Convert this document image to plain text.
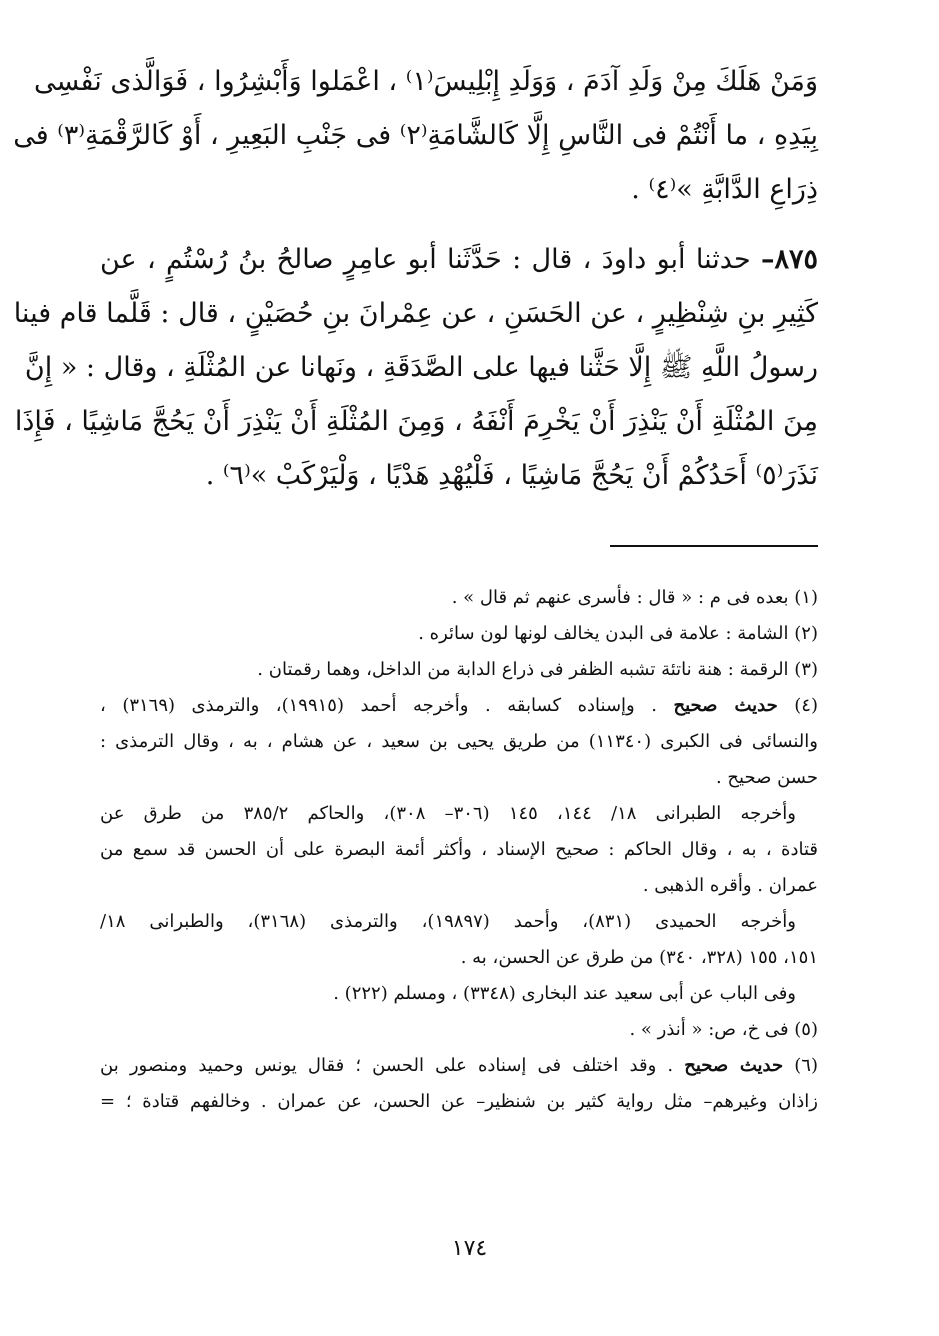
وَمَنْ هَلَكَ مِنْ وَلَدِ آدَمَ ، وَوَلَدِ إِبْلِيسَ⁽١⁾ ، اعْمَلوا وَأَبْشِرُوا ، فَوَالَّذى نَفْسِى
بِيَدِهِ ، ما أَنْتُمْ فى النَّاسِ إِلَّا كَالشَّامَةِ⁽٢⁾ فى جَنْبِ البَعِيرِ ، أَوْ كَالرَّقْمَةِ⁽٣⁾ فى
ذِرَاعِ الدَّابَّةِ »⁽٤⁾ .
٨٧٥– حدثنا أبو داودَ ، قال : حَدَّثَنا أبو عامِرٍ صالحُ بنُ رُسْتُمٍ ، عن
كَثِيرِ بنِ شِنْظِيرٍ ، عن الحَسَنِ ، عن عِمْرانَ بنِ حُصَيْنٍ ، قال : قَلَّما قام فينا
رسولُ اللَّهِ ﷺ إِلَّا حَثَّنا فيها على الصَّدَقَةِ ، ونَهانا عن المُثْلَةِ ، وقال : « إِنَّ
مِنَ المُثْلَةِ أَنْ يَنْذِرَ أَنْ يَخْرِمَ أَنْفَهُ ، وَمِنَ المُثْلَةِ أَنْ يَنْذِرَ أَنْ يَحُجَّ مَاشِيًا ، فَإِذَا
نَذَرَ⁽٥⁾ أَحَدُكُمْ أَنْ يَحُجَّ مَاشِيًا ، فَلْيُهْدِ هَدْيًا ، وَلْيَرْكَبْ »⁽٦⁾ .
(١) بعده فى م : « قال : فأسرى عنهم ثم قال » .
(٢) الشامة : علامة فى البدن يخالف لونها لون سائره .
(٣) الرقمة : هنة ناتئة تشبه الظفر فى ذراع الدابة من الداخل، وهما رقمتان .
(٤) حديث صحيح . وإسناده كسابقه . وأخرجه أحمد (١٩٩١٥)، والترمذى (٣١٦٩) ،
والنسائى فى الكبرى (١١٣٤٠) من طريق يحيى بن سعيد ، عن هشام ، به ، وقال الترمذى :
حسن صحيح .
وأخرجه الطبرانى ١٨/ ١٤٤، ١٤٥ (٣٠٦– ٣٠٨)، والحاكم ٣٨٥/٢ من طرق عن
قتادة ، به ، وقال الحاكم : صحيح الإسناد ، وأكثر أئمة البصرة على أن الحسن قد سمع من
عمران . وأقره الذهبى .
وأخرجه الحميدى (٨٣١)، وأحمد (١٩٨٩٧)، والترمذى (٣١٦٨)، والطبرانى ١٨/
١٥١، ١٥٥ (٣٢٨، ٣٤٠) من طرق عن الحسن، به .
وفى الباب عن أبى سعيد عند البخارى (٣٣٤٨) ، ومسلم (٢٢٢) .
(٥) فى خ، ص: « أنذر » .
(٦) حديث صحيح . وقد اختلف فى إسناده على الحسن ؛ فقال يونس وحميد ومنصور بن
زاذان وغيرهم– مثل رواية كثير بن شنظير– عن الحسن، عن عمران . وخالفهم قتادة ؛ =
١٧٤
